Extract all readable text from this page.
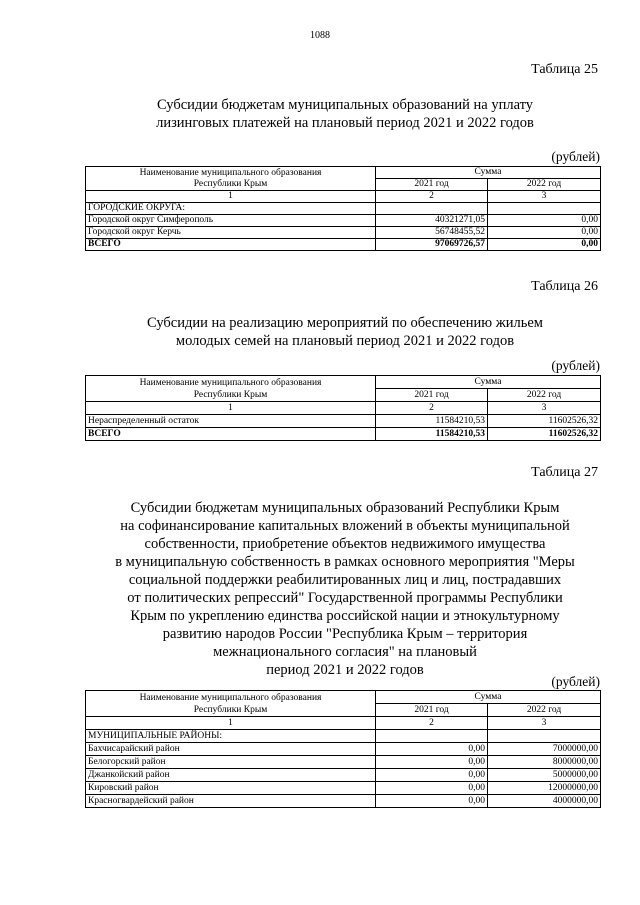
1088
Таблица 25
Субсидии бюджетам муниципальных образований на уплату
лизинговых платежей на плановый период 2021 и 2022 годов
(рублей)
Наименование муниципального образования
Республики Крым	Сумма	
	2021 год	2022 год
1	2	3
ГОРОДСКИЕ ОКРУГА:		
Городской округ Симферополь	40321271,05	0,00
Городской округ Керчь	56748455,52	0,00
ВСЕГО	97069726,57	0,00
Таблица 26
Субсидии на реализацию мероприятий по обеспечению жильем
молодых семей на плановый период 2021 и 2022 годов
(рублей)
Наименование муниципального образования
Республики Крым	Сумма	
	2021 год	2022 год
1	2	3
Нераспределенный остаток	11584210,53	11602526,32
ВСЕГО	11584210,53	11602526,32
Таблица 27
Субсидии бюджетам муниципальных образований Республики Крым
на софинансирование капитальных вложений в объекты муниципальной
собственности, приобретение объектов недвижимого имущества
в муниципальную собственность в рамках основного мероприятия "Меры
социальной поддержки реабилитированных лиц и лиц, пострадавших
от политических репрессий" Государственной программы Республики
Крым по укреплению единства российской нации и этнокультурному
развитию народов России "Республика Крым – территория
межнационального согласия" на плановый
период 2021 и 2022 годов
(рублей)
Наименование муниципального образования
Республики Крым	Сумма	
	2021 год	2022 год
1	2	3
МУНИЦИПАЛЬНЫЕ РАЙОНЫ:		
Бахчисарайский район	0,00	7000000,00
Белогорский район	0,00	8000000,00
Джанкойский район	0,00	5000000,00
Кировский район	0,00	12000000,00
Красногвардейский район	0,00	4000000,00
